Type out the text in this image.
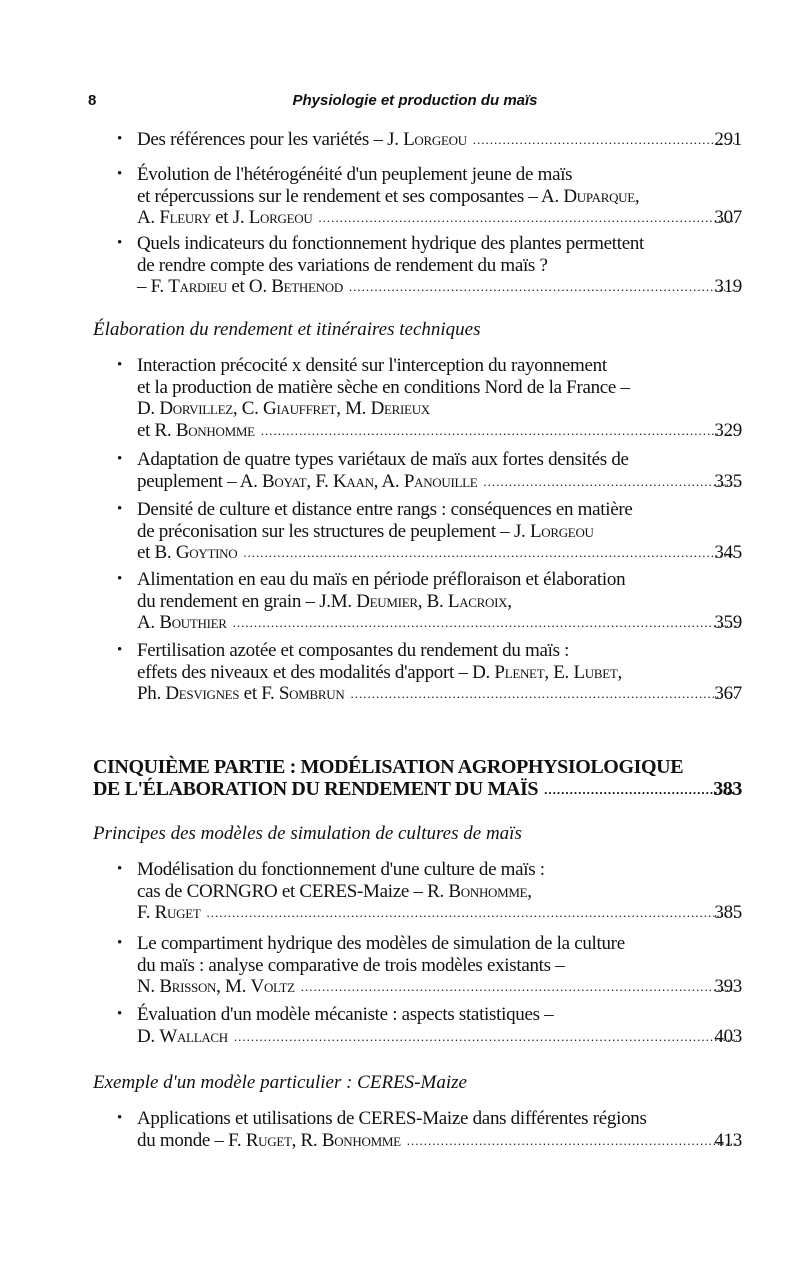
8	Physiologie et production du maïs
• Des références pour les variétés – J. Lorgeou .....	291
• Évolution de l'hétérogénéité d'un peuplement jeune de maïs
et répercussions sur le rendement et ses composantes – A. Duparque,
A. Fleury et J. Lorgeou .....	307
• Quels indicateurs du fonctionnement hydrique des plantes permettent
de rendre compte des variations de rendement du maïs ?
– F. Tardieu et O. Bethenod .....	319
Élaboration du rendement et itinéraires techniques
• Interaction précocité x densité sur l'interception du rayonnement
et la production de matière sèche en conditions Nord de la France –
D. Dorvillez, C. Giauffret, M. Derieux
et R. Bonhomme .....	329
• Adaptation de quatre types variétaux de maïs aux fortes densités de
peuplement – A. Boyat, F. Kaan, A. Panouille .....	335
• Densité de culture et distance entre rangs : conséquences en matière
de préconisation sur les structures de peuplement – J. Lorgeou
et B. Goytino .....	345
• Alimentation en eau du maïs en période préfloraison et élaboration
du rendement en grain – J.M. Deumier, B. Lacroix,
A. Bouthier .....	359
• Fertilisation azotée et composantes du rendement du maïs :
effets des niveaux et des modalités d'apport – D. Plenet, E. Lubet,
Ph. Desvignes et F. Sombrun .....	367
CINQUIÈME PARTIE : MODÉLISATION AGROPHYSIOLOGIQUE
DE L'ÉLABORATION DU RENDEMENT DU MAÏS .....	383
Principes des modèles de simulation de cultures de maïs
• Modélisation du fonctionnement d'une culture de maïs :
cas de CORNGRO et CERES-Maize – R. Bonhomme,
F. Ruget .....	385
• Le compartiment hydrique des modèles de simulation de la culture
du maïs : analyse comparative de trois modèles existants –
N. Brisson, M. Voltz .....	393
• Évaluation d'un modèle mécaniste : aspects statistiques –
D. Wallach .....	403
Exemple d'un modèle particulier : CERES-Maize
• Applications et utilisations de CERES-Maize dans différentes régions
du monde – F. Ruget, R. Bonhomme .....	413
